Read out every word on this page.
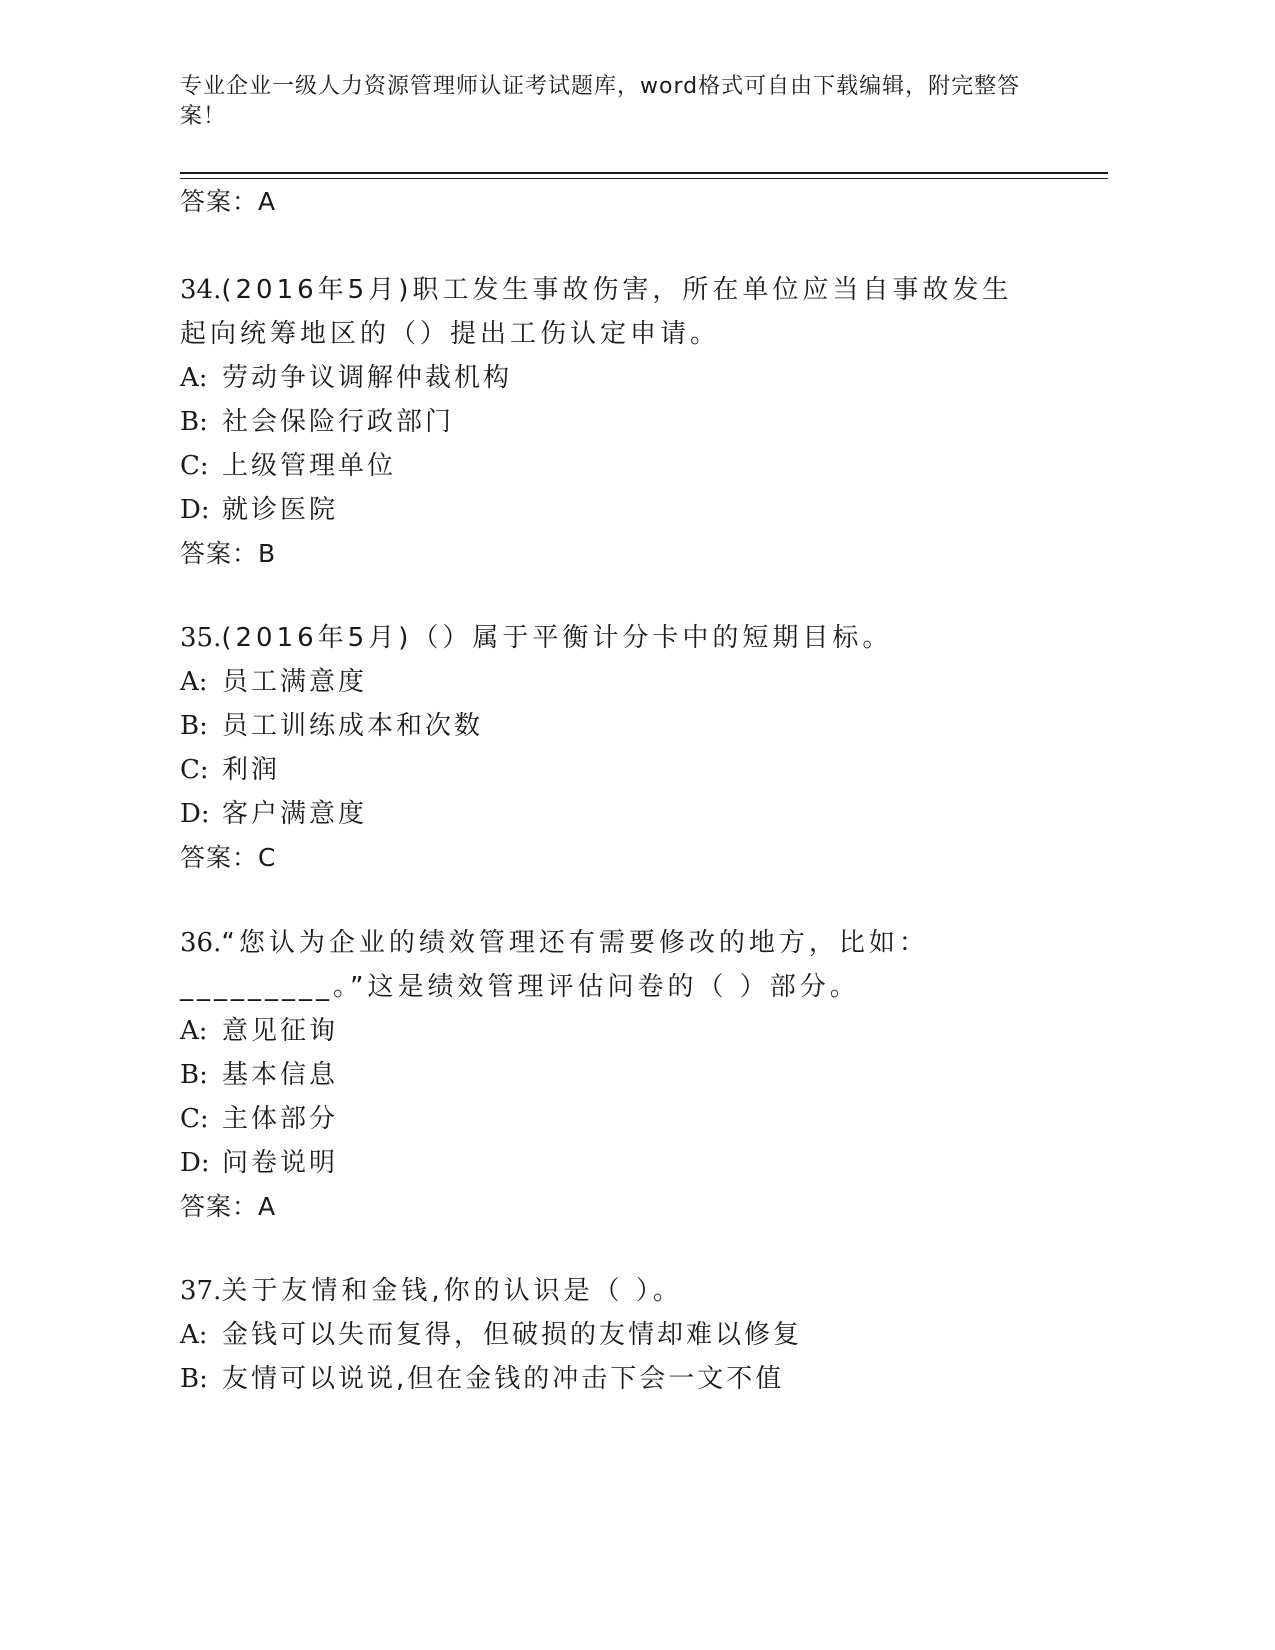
专业企业一级人力资源管理师认证考试题库，word格式可自由下载编辑，附完整答案！
答案：A
34.(2016年5月)职工发生事故伤害，所在单位应当自事故发生起向统筹地区的（）提出工伤认定申请。
A: 劳动争议调解仲裁机构
B: 社会保险行政部门
C: 上级管理单位
D: 就诊医院
答案：B
35.(2016年5月)（）属于平衡计分卡中的短期目标。
A: 员工满意度
B: 员工训练成本和次数
C: 利润
D: 客户满意度
答案：C
36.“您认为企业的绩效管理还有需要修改的地方，比如：_________。”这是绩效管理评估问卷的（ ）部分。
A: 意见征询
B: 基本信息
C: 主体部分
D: 问卷说明
答案：A
37.关于友情和金钱,你的认识是（ ）。
A: 金钱可以失而复得，但破损的友情却难以修复
B: 友情可以说说,但在金钱的冲击下会一文不值
